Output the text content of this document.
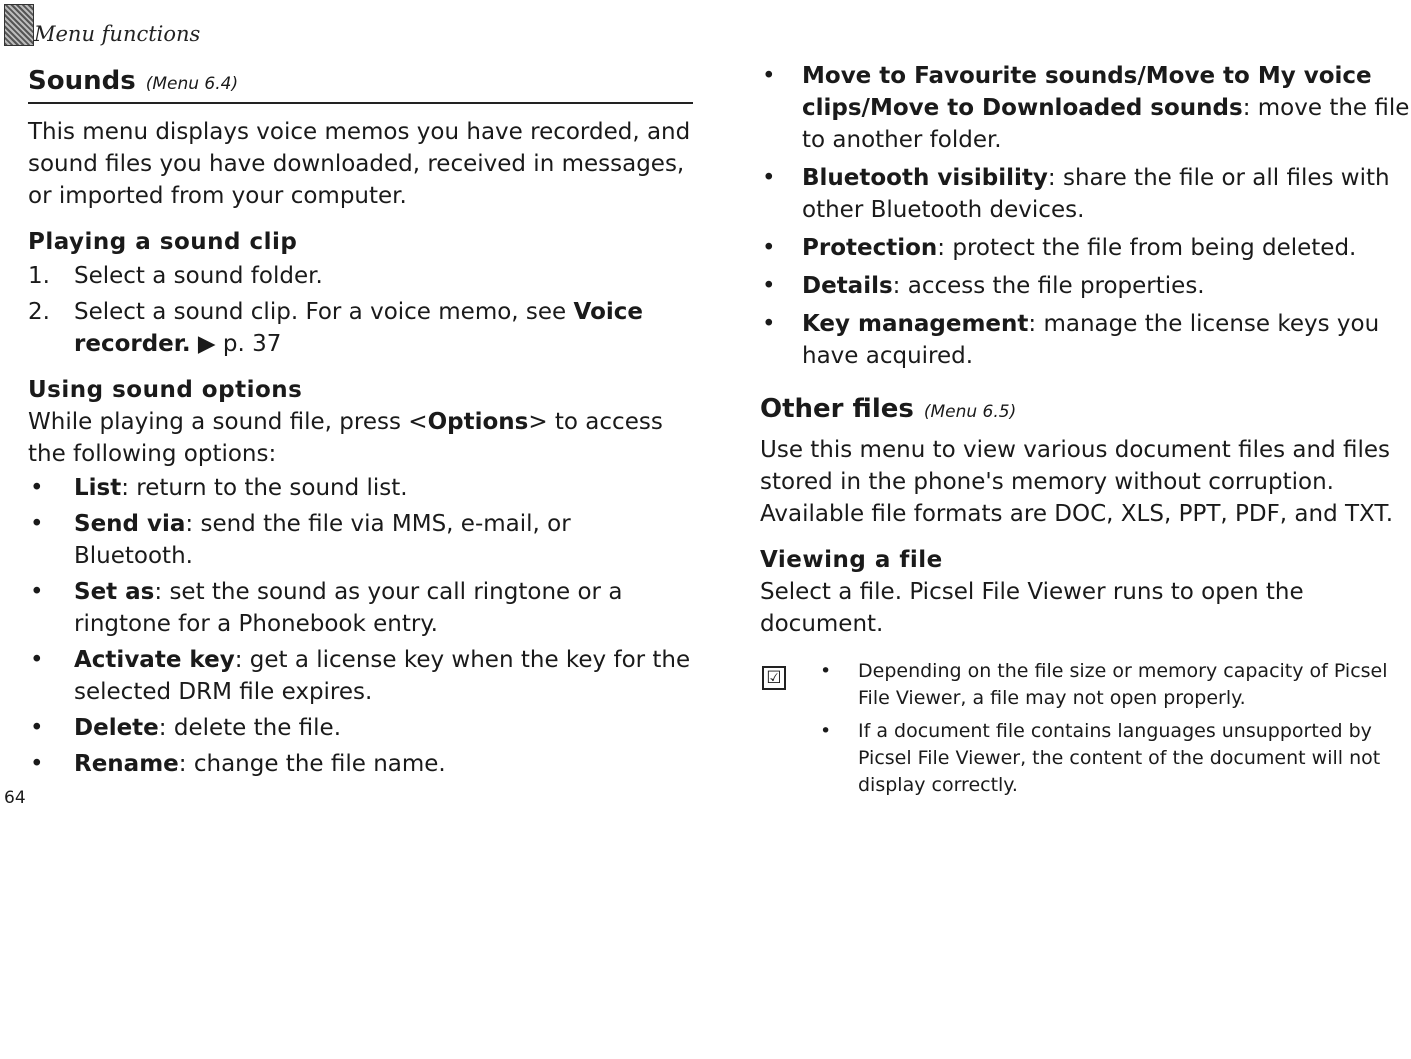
Menu functions
Sounds (Menu 6.4)

This menu displays voice memos you have recorded, and sound files you have downloaded, received in messages, or imported from your computer.

Playing a sound clip
1. Select a sound folder.
2. Select a sound clip. For a voice memo, see Voice recorder. ▶ p. 37
Using sound options

While playing a sound file, press <Options> to access the following options:

• List: return to the sound list.
• Send via: send the file via MMS, e-mail, or Bluetooth.
• Set as: set the sound as your call ringtone or a ringtone for a Phonebook entry.
• Activate key: get a license key when the key for the selected DRM file expires.
• Delete: delete the file.
• Rename: change the file name.
64
• Move to Favourite sounds/Move to My voice clips/Move to Downloaded sounds: move the file to another folder.
• Bluetooth visibility: share the file or all files with other Bluetooth devices.
• Protection: protect the file from being deleted.
• Details: access the file properties.
• Key management: manage the license keys you have acquired.
Other files (Menu 6.5)

Use this menu to view various document files and files stored in the phone's memory without corruption. Available file formats are DOC, XLS, PPT, PDF, and TXT.

Viewing a file

Select a file. Picsel File Viewer runs to open the document.

☑ • Depending on the file size or memory capacity of Picsel File Viewer, a file may not open properly.
• If a document file contains languages unsupported by Picsel File Viewer, the content of the document will not display correctly.
